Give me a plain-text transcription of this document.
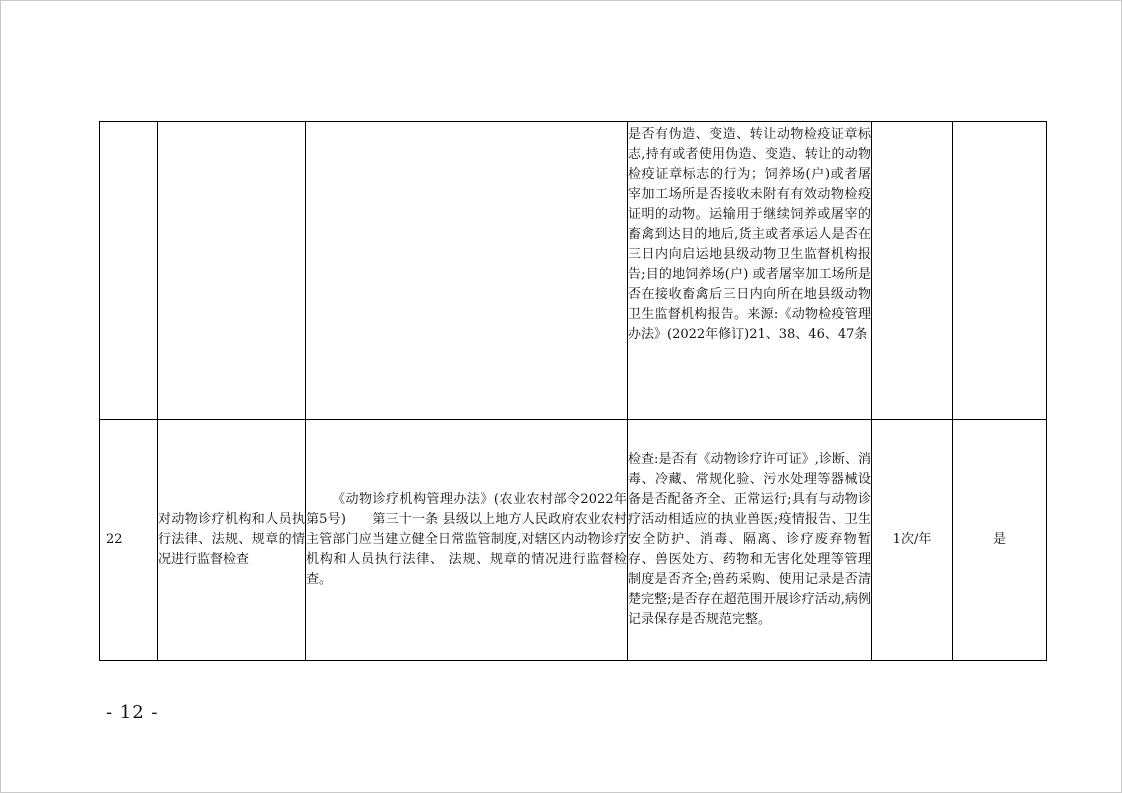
			是否有伪造、变造、转让动物检疫证章标志,持有或者使用伪造、变造、转让的动物检疫证章标志的行为；饲养场(户)或者屠宰加工场所是否接收未附有有效动物检疫证明的动物。运输用于继续饲养或屠宰的畜禽到达目的地后,货主或者承运人是否在三日内向启运地县级动物卫生监督机构报告;目的地饲养场(户) 或者屠宰加工场所是否在接收畜禽后三日内向所在地县级动物卫生监督机构报告。来源:《动物检疫管理办法》(2022年修订)21、38、46、47条		
22	对动物诊疗机构和人员执行法律、法规、规章的情况进行监督检查	《动物诊疗机构管理办法》(农业农村部令2022年第5号)　　第三十一条 县级以上地方人民政府农业农村主管部门应当建立健全日常监管制度,对辖区内动物诊疗机构和人员执行法律、 法规、规章的情况进行监督检查。	检查:是否有《动物诊疗许可证》,诊断、消毒、冷藏、常规化验、污水处理等器械设备是否配备齐全、正常运行;具有与动物诊疗活动相适应的执业兽医;疫情报告、卫生安全防护、消毒、隔离、诊疗废弃物暂存、兽医处方、药物和无害化处理等管理制度是否齐全;兽药采购、使用记录是否清楚完整;是否存在超范围开展诊疗活动,病例记录保存是否规范完整。	1次/年	是
- 12 -
